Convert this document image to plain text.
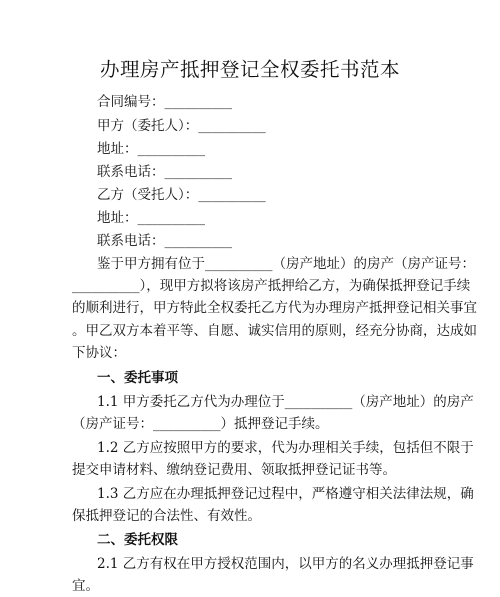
办理房产抵押登记全权委托书范本
合同编号：__________
甲方（委托人）：__________
地址：__________
联系电话：__________
乙方（受托人）：__________
地址：__________
联系电话：__________
鉴于甲方拥有位于__________（房产地址）的房产（房产证号：
__________），现甲方拟将该房产抵押给乙方，为确保抵押登记手续
的顺利进行，甲方特此全权委托乙方代为办理房产抵押登记相关事宜
。甲乙双方本着平等、自愿、诚实信用的原则，经充分协商，达成如
下协议：
一、委托事项
1.1 甲方委托乙方代为办理位于__________（房产地址）的房产
（房产证号：__________）抵押登记手续。
1.2 乙方应按照甲方的要求，代为办理相关手续，包括但不限于
提交申请材料、缴纳登记费用、领取抵押登记证书等。
1.3 乙方应在办理抵押登记过程中，严格遵守相关法律法规，确
保抵押登记的合法性、有效性。
二、委托权限
2.1 乙方有权在甲方授权范围内，以甲方的名义办理抵押登记事
宜。
